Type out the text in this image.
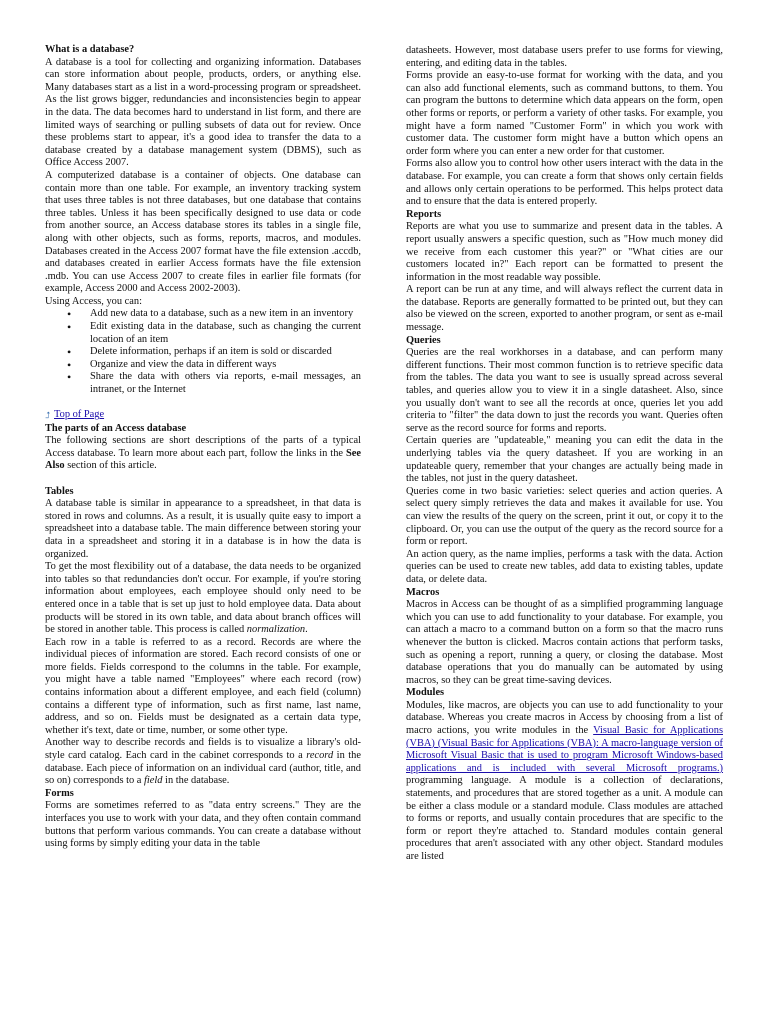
What is a database?

A database is a tool for collecting and organizing information. Databases can store information about people, products, orders, or anything else. Many databases start as a list in a word-processing program or spreadsheet. As the list grows bigger, redundancies and inconsistencies begin to appear in the data. The data becomes hard to understand in list form, and there are limited ways of searching or pulling subsets of data out for review. Once these problems start to appear, it's a good idea to transfer the data to a database created by a database management system (DBMS), such as Office Access 2007.

A computerized database is a container of objects. One database can contain more than one table. For example, an inventory tracking system that uses three tables is not three databases, but one database that contains three tables. Unless it has been specifically designed to use data or code from another source, an Access database stores its tables in a single file, along with other objects, such as forms, reports, macros, and modules. Databases created in the Access 2007 format have the file extension .accdb, and databases created in earlier Access formats have the file extension .mdb. You can use Access 2007 to create files in earlier file formats (for example, Access 2000 and Access 2002-2003).

Using Access, you can:

• Add new data to a database, such as a new item in an inventory
• Edit existing data in the database, such as changing the current location of an item
• Delete information, perhaps if an item is sold or discarded
• Organize and view the data in different ways
• Share the data with others via reports, e-mail messages, an intranet, or the Internet

⮥ Top of Page

The parts of an Access database

The following sections are short descriptions of the parts of a typical Access database. To learn more about each part, follow the links in the See Also section of this article.

Tables

A database table is similar in appearance to a spreadsheet, in that data is stored in rows and columns. As a result, it is usually quite easy to import a spreadsheet into a database table. The main difference between storing your data in a spreadsheet and storing it in a database is in how the data is organized.

To get the most flexibility out of a database, the data needs to be organized into tables so that redundancies don't occur. For example, if you're storing information about employees, each employee should only need to be entered once in a table that is set up just to hold employee data. Data about products will be stored in its own table, and data about branch offices will be stored in another table. This process is called normalization.

Each row in a table is referred to as a record. Records are where the individual pieces of information are stored. Each record consists of one or more fields. Fields correspond to the columns in the table. For example, you might have a table named "Employees" where each record (row) contains information about a different employee, and each field (column) contains a different type of information, such as first name, last name, address, and so on. Fields must be designated as a certain data type, whether it's text, date or time, number, or some other type.

Another way to describe records and fields is to visualize a library's old-style card catalog. Each card in the cabinet corresponds to a record in the database. Each piece of information on an individual card (author, title, and so on) corresponds to a field in the database.

Forms

Forms are sometimes referred to as "data entry screens." They are the interfaces you use to work with your data, and they often contain command buttons that perform various commands. You can create a database without using forms by simply editing your data in the table

datasheets. However, most database users prefer to use forms for viewing, entering, and editing data in the tables.

Forms provide an easy-to-use format for working with the data, and you can also add functional elements, such as command buttons, to them. You can program the buttons to determine which data appears on the form, open other forms or reports, or perform a variety of other tasks. For example, you might have a form named "Customer Form" in which you work with customer data. The customer form might have a button which opens an order form where you can enter a new order for that customer.

Forms also allow you to control how other users interact with the data in the database. For example, you can create a form that shows only certain fields and allows only certain operations to be performed. This helps protect data and to ensure that the data is entered properly.

Reports

Reports are what you use to summarize and present data in the tables. A report usually answers a specific question, such as "How much money did we receive from each customer this year?" or "What cities are our customers located in?" Each report can be formatted to present the information in the most readable way possible.

A report can be run at any time, and will always reflect the current data in the database. Reports are generally formatted to be printed out, but they can also be viewed on the screen, exported to another program, or sent as e-mail message.

Queries

Queries are the real workhorses in a database, and can perform many different functions. Their most common function is to retrieve specific data from the tables. The data you want to see is usually spread across several tables, and queries allow you to view it in a single datasheet. Also, since you usually don't want to see all the records at once, queries let you add criteria to "filter" the data down to just the records you want. Queries often serve as the record source for forms and reports.

Certain queries are "updateable," meaning you can edit the data in the underlying tables via the query datasheet. If you are working in an updateable query, remember that your changes are actually being made in the tables, not just in the query datasheet.

Queries come in two basic varieties: select queries and action queries. A select query simply retrieves the data and makes it available for use. You can view the results of the query on the screen, print it out, or copy it to the clipboard. Or, you can use the output of the query as the record source for a form or report.

An action query, as the name implies, performs a task with the data. Action queries can be used to create new tables, add data to existing tables, update data, or delete data.

Macros

Macros in Access can be thought of as a simplified programming language which you can use to add functionality to your database. For example, you can attach a macro to a command button on a form so that the macro runs whenever the button is clicked. Macros contain actions that perform tasks, such as opening a report, running a query, or closing the database. Most database operations that you do manually can be automated by using macros, so they can be great time-saving devices.

Modules

Modules, like macros, are objects you can use to add functionality to your database. Whereas you create macros in Access by choosing from a list of macro actions, you write modules in the Visual Basic for Applications (VBA) (Visual Basic for Applications (VBA): A macro-language version of Microsoft Visual Basic that is used to program Microsoft Windows-based applications and is included with several Microsoft programs.) programming language. A module is a collection of declarations, statements, and procedures that are stored together as a unit. A module can be either a class module or a standard module. Class modules are attached to forms or reports, and usually contain procedures that are specific to the form or report they're attached to. Standard modules contain general procedures that aren't associated with any other object. Standard modules are listed
